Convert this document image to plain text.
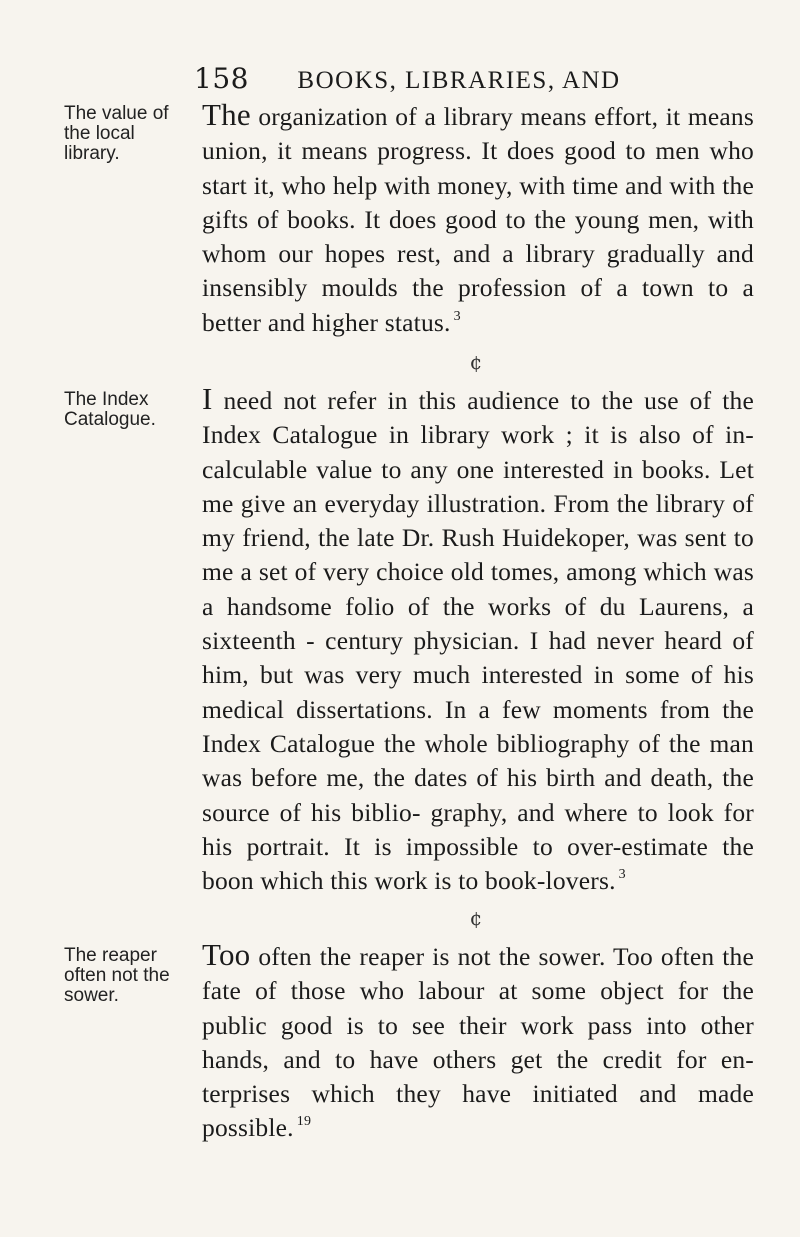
158 BOOKS, LIBRARIES, AND
The value of the local library.

The organization of a library means effort, it means union, it means progress. It does good to men who start it, who help with money, with time and with the gifts of books. It does good to the young men, with whom our hopes rest, and a library gradually and insensibly moulds the profession of a town to a better and higher status. $^3$

¢
The Index Catalogue.

I need not refer in this audience to the use of the Index Catalogue in library work ; it is also of in- calculable value to any one interested in books. Let me give an everyday illustration. From the library of my friend, the late Dr. Rush Huidekoper, was sent to me a set of very choice old tomes, among which was a handsome folio of the works of du Laurens, a sixteenth - century physician. I had never heard of him, but was very much interested in some of his medical dissertations. In a few moments from the Index Catalogue the whole bibliography of the man was before me, the dates of his birth and death, the source of his biblio- graphy, and where to look for his portrait. It is impossible to over-estimate the boon which this work is to book-lovers. $^3$

¢
The reaper often not the sower.

Too often the reaper is not the sower. Too often the fate of those who labour at some object for the public good is to see their work pass into other hands, and to have others get the credit for en- terprises which they have initiated and made possible. $^{19}$
